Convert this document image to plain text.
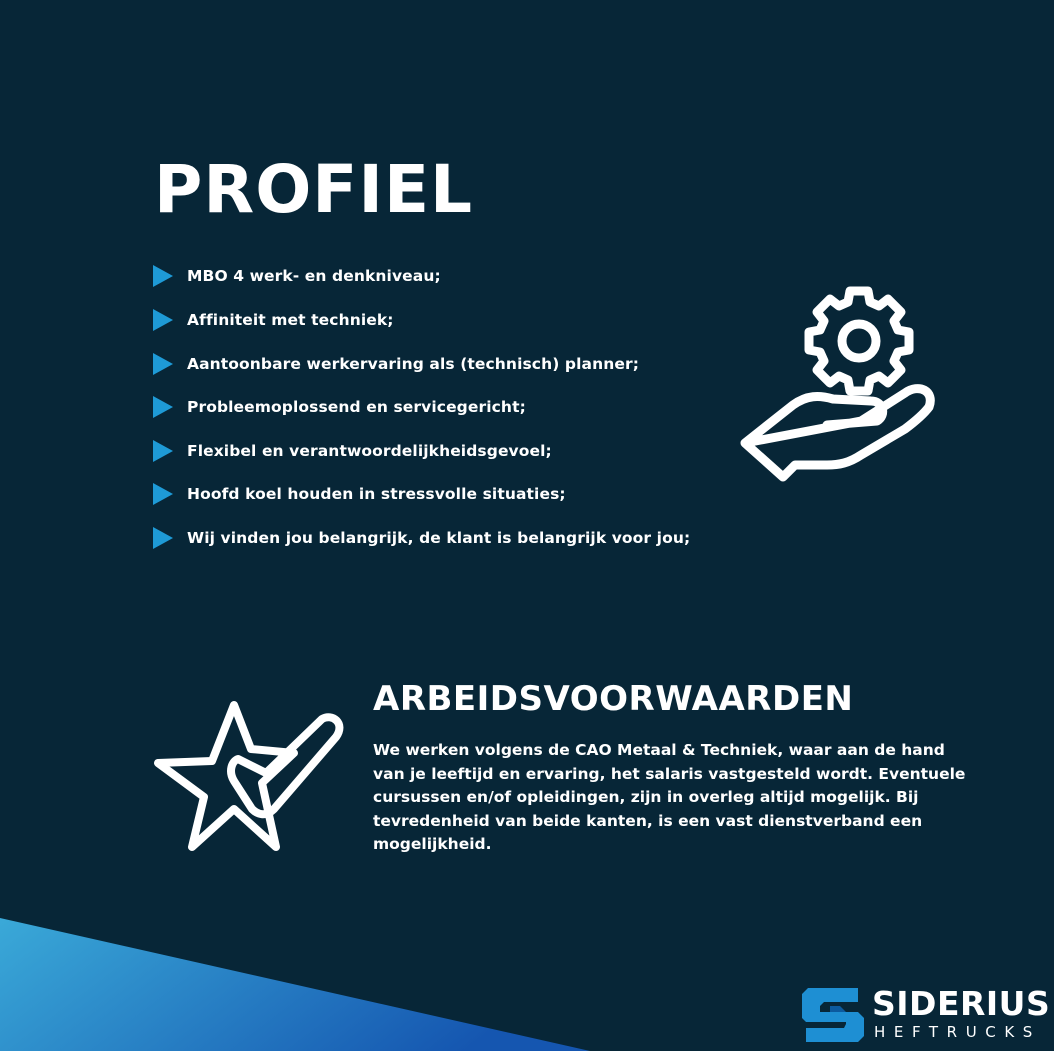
PROFIEL
MBO 4 werk- en denkniveau;
Affiniteit met techniek;
Aantoonbare werkervaring als (technisch) planner;
Probleemoplossend en servicegericht;
Flexibel en verantwoordelijkheidsgevoel;
Hoofd koel houden in stressvolle situaties;
Wij vinden jou belangrijk, de klant is belangrijk voor jou;
ARBEIDSVOORWAARDEN
We werken volgens de CAO Metaal & Techniek, waar aan de hand
van je leeftijd en ervaring, het salaris vastgesteld wordt. Eventuele
cursussen en/of opleidingen, zijn in overleg altijd mogelijk. Bij
tevredenheid van beide kanten, is een vast dienstverband een
mogelijkheid.
SIDERIUS
HEFTRUCKS
